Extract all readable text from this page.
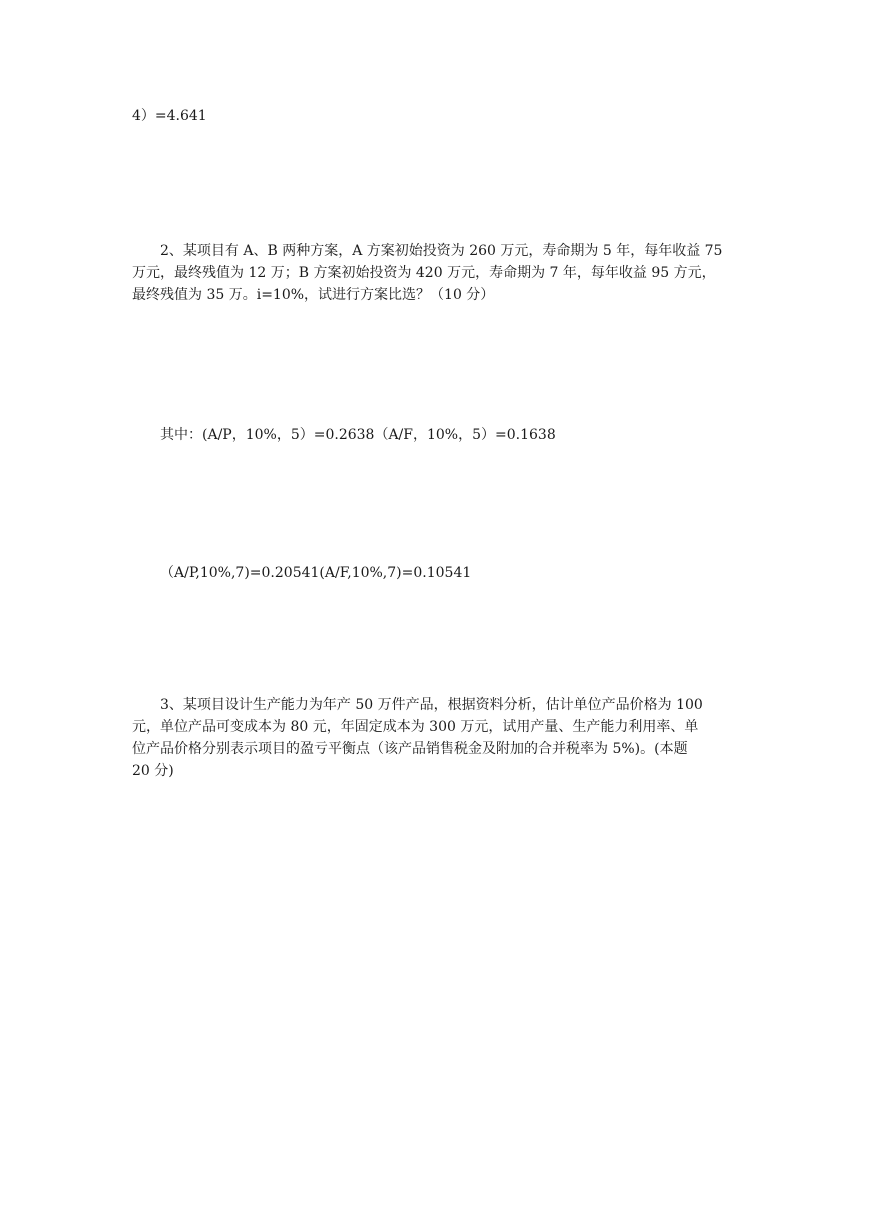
4）=4.641

2、某项目有 A、B 两种方案，A 方案初始投资为 260 万元，寿命期为 5 年，每年收益 75
万元，最终残值为 12 万；B 方案初始投资为 420 万元，寿命期为 7 年，每年收益 95 方元，
最终残值为 35 万。i=10%，试进行方案比选？（10 分）

其中：(A/P，10%，5）=0.2638（A/F，10%，5）=0.1638

（A/P,10%,7)=0.20541(A/F,10%,7)=0.10541

3、某项目设计生产能力为年产 50 万件产品，根据资料分析，估计单位产品价格为 100
元，单位产品可变成本为 80 元，年固定成本为 300 万元，试用产量、生产能力利用率、单
位产品价格分别表示项目的盈亏平衡点（该产品销售税金及附加的合并税率为 5%)。(本题
20 分)
